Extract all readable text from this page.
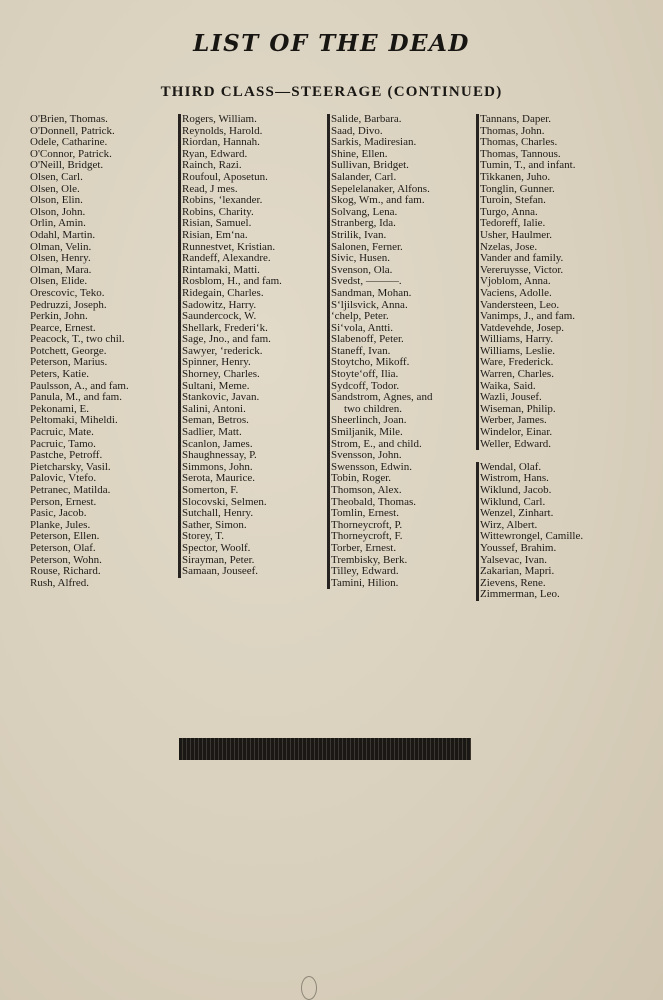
LIST OF THE DEAD
THIRD CLASS—STEERAGE (CONTINUED)
O'Brien, Thomas.
O'Donnell, Patrick.
Odele, Catharine.
O'Connor, Patrick.
O'Neill, Bridget.
Olsen, Carl.
Olsen, Ole.
Olson, Elin.
Olson, John.
Orlin, Amin.
Odahl, Martin.
Olman, Velin.
Olsen, Henry.
Olman, Mara.
Olsen, Elide.
Orescovic, Teko.
Pedruzzi, Joseph.
Perkin, John.
Pearce, Ernest.
Peacock, T., two chil.
Potchett, George.
Peterson, Marius.
Peters, Katie.
Paulsson, A., and fam.
Panula, M., and fam.
Pekonami, E.
Peltomaki, Miheldi.
Pacruic, Mate.
Pacruic, Tamo.
Pastche, Petroff.
Pietcharsky, Vasil.
Palovic, Vtefo.
Petranec, Matilda.
Person, Ernest.
Pasic, Jacob.
Planke, Jules.
Peterson, Ellen.
Peterson, Olaf.
Peterson, Wohn.
Rouse, Richard.
Rush, Alfred.
Rogers, William.
Reynolds, Harold.
Riordan, Hannah.
Ryan, Edward.
Rainch, Razi.
Roufoul, Aposetun.
Read, J mes.
Robins, ‘lexander.
Robins, Charity.
Risian, Samuel.
Risian, Em‘na.
Runnestvet, Kristian.
Randeff, Alexandre.
Rintamaki, Matti.
Rosblom, H., and fam.
Ridegain, Charles.
Sadowitz, Harry.
Saundercock, W.
Shellark, Frederi‘k.
Sage, Jno., and fam.
Sawyer, ‘rederick.
Spinner, Henry.
Shorney, Charles.
Sultani, Meme.
Stankovic, Javan.
Salini, Antoni.
Seman, Betros.
Sadlier, Matt.
Scanlon, James.
Shaughnessay, P.
Simmons, John.
Serota, Maurice.
Somerton, F.
Slocovski, Selmen.
Sutchall, Henry.
Sather, Simon.
Storey, T.
Spector, Woolf.
Sirayman, Peter.
Samaan, Jouseef.
Salide, Barbara.
Saad, Divo.
Sarkis, Madiresian.
Shine, Ellen.
Sullivan, Bridget.
Salander, Carl.
Sepelelanaker, Alfons.
Skog, Wm., and fam.
Solvang, Lena.
Stranberg, Ida.
Strilik, Ivan.
Salonen, Ferner.
Sivic, Husen.
Svenson, Ola.
Svedst, ———.
Sandman, Mohan.
S‘ljilsvick, Anna.
‘chelp, Peter.
Si‘vola, Antti.
Slabenoff, Peter.
Staneff, Ivan.
Stoytcho, Mikoff.
Stoyte‘off, Ilia.
Sydcoff, Todor.
Sandstrom, Agnes, and
two children.
Sheerlinch, Joan.
Smiljanik, Mile.
Strom, E., and child.
Svensson, John.
Swensson, Edwin.
Tobin, Roger.
Thomson, Alex.
Theobald, Thomas.
Tomlin, Ernest.
Thorneycroft, P.
Thorneycroft, F.
Torber, Ernest.
Trembisky, Berk.
Tilley, Edward.
Tamini, Hilion.
Tannans, Daper.
Thomas, John.
Thomas, Charles.
Thomas, Tannous.
Tumin, T., and infant.
Tikkanen, Juho.
Tonglin, Gunner.
Turoin, Stefan.
Turgo, Anna.
Tedoreff, Ialie.
Usher, Haulmer.
Nzelas, Jose.
Vander and family.
Vereruysse, Victor.
Vjoblom, Anna.
Vaciens, Adolle.
Vandersteen, Leo.
Vanimps, J., and fam.
Vatdevehde, Josep.
Williams, Harry.
Williams, Leslie.
Ware, Frederick.
Warren, Charles.
Waika, Said.
Wazli, Jousef.
Wiseman, Philip.
Werber, James.
Windelor, Einar.
Weller, Edward.
Wendal, Olaf.
Wistrom, Hans.
Wiklund, Jacob.
Wiklund, Carl.
Wenzel, Zinhart.
Wirz, Albert.
Wittewrongel, Camille.
Youssef, Brahim.
Yalsevac, Ivan.
Zakarian, Mapri.
Zievens, Rene.
Zimmerman, Leo.
